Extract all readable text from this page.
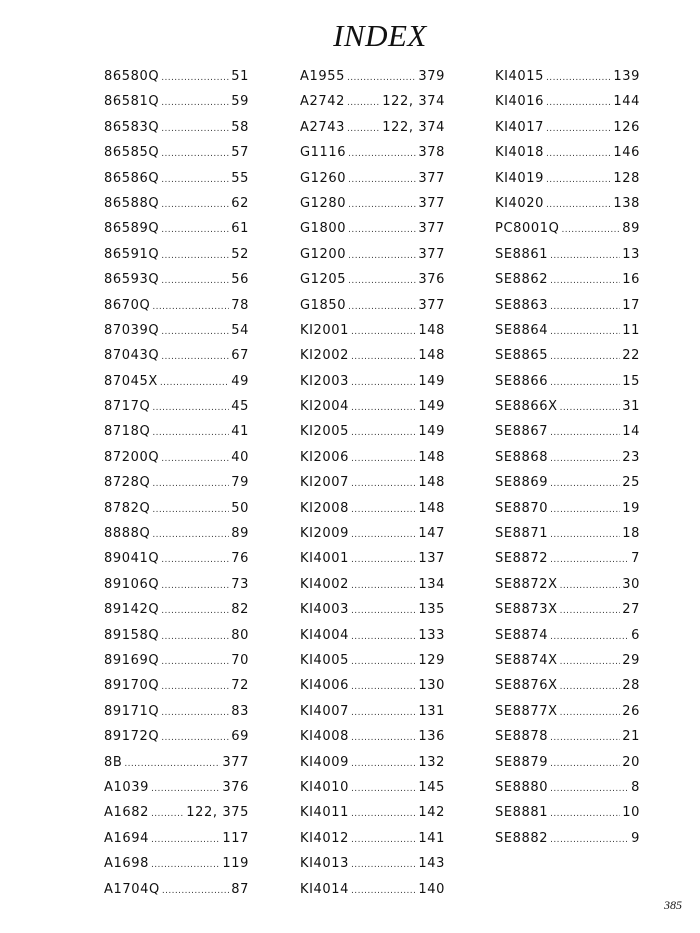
INDEX
86580Q .....	51
86581Q .....	59
86583Q .....	58
86585Q .....	57
86586Q .....	55
86588Q .....	62
86589Q .....	61
86591Q .....	52
86593Q .....	56
8670Q .....	78
87039Q .....	54
87043Q .....	67
87045X .....	49
8717Q .....	45
8718Q .....	41
87200Q .....	40
8728Q .....	79
8782Q .....	50
8888Q .....	89
89041Q .....	76
89106Q .....	73
89142Q .....	82
89158Q .....	80
89169Q .....	70
89170Q .....	72
89171Q .....	83
89172Q .....	69
8B .....	377
A1039 .....	376
A1682 .....	122, 375
A1694 .....	117
A1698 .....	119
A1704Q .....	87
A1955 .....	379
A2742 .....	122, 374
A2743 .....	122, 374
G1116 .....	378
G1260 .....	377
G1280 .....	377
G1800 .....	377
G1200 .....	377
G1205 .....	376
G1850 .....	377
KI2001 .....	148
KI2002 .....	148
KI2003 .....	149
KI2004 .....	149
KI2005 .....	149
KI2006 .....	148
KI2007 .....	148
KI2008 .....	148
KI2009 .....	147
KI4001 .....	137
KI4002 .....	134
KI4003 .....	135
KI4004 .....	133
KI4005 .....	129
KI4006 .....	130
KI4007 .....	131
KI4008 .....	136
KI4009 .....	132
KI4010 .....	145
KI4011 .....	142
KI4012 .....	141
KI4013 .....	143
KI4014 .....	140
KI4015 .....	139
KI4016 .....	144
KI4017 .....	126
KI4018 .....	146
KI4019 .....	128
KI4020 .....	138
PC8001Q .....	89
SE8861 .....	13
SE8862 .....	16
SE8863 .....	17
SE8864 .....	11
SE8865 .....	22
SE8866 .....	15
SE8866X .....	31
SE8867 .....	14
SE8868 .....	23
SE8869 .....	25
SE8870 .....	19
SE8871 .....	18
SE8872 .....	7
SE8872X .....	30
SE8873X .....	27
SE8874 .....	6
SE8874X .....	29
SE8876X .....	28
SE8877X .....	26
SE8878 .....	21
SE8879 .....	20
SE8880 .....	8
SE8881 .....	10
SE8882 .....	9
385
